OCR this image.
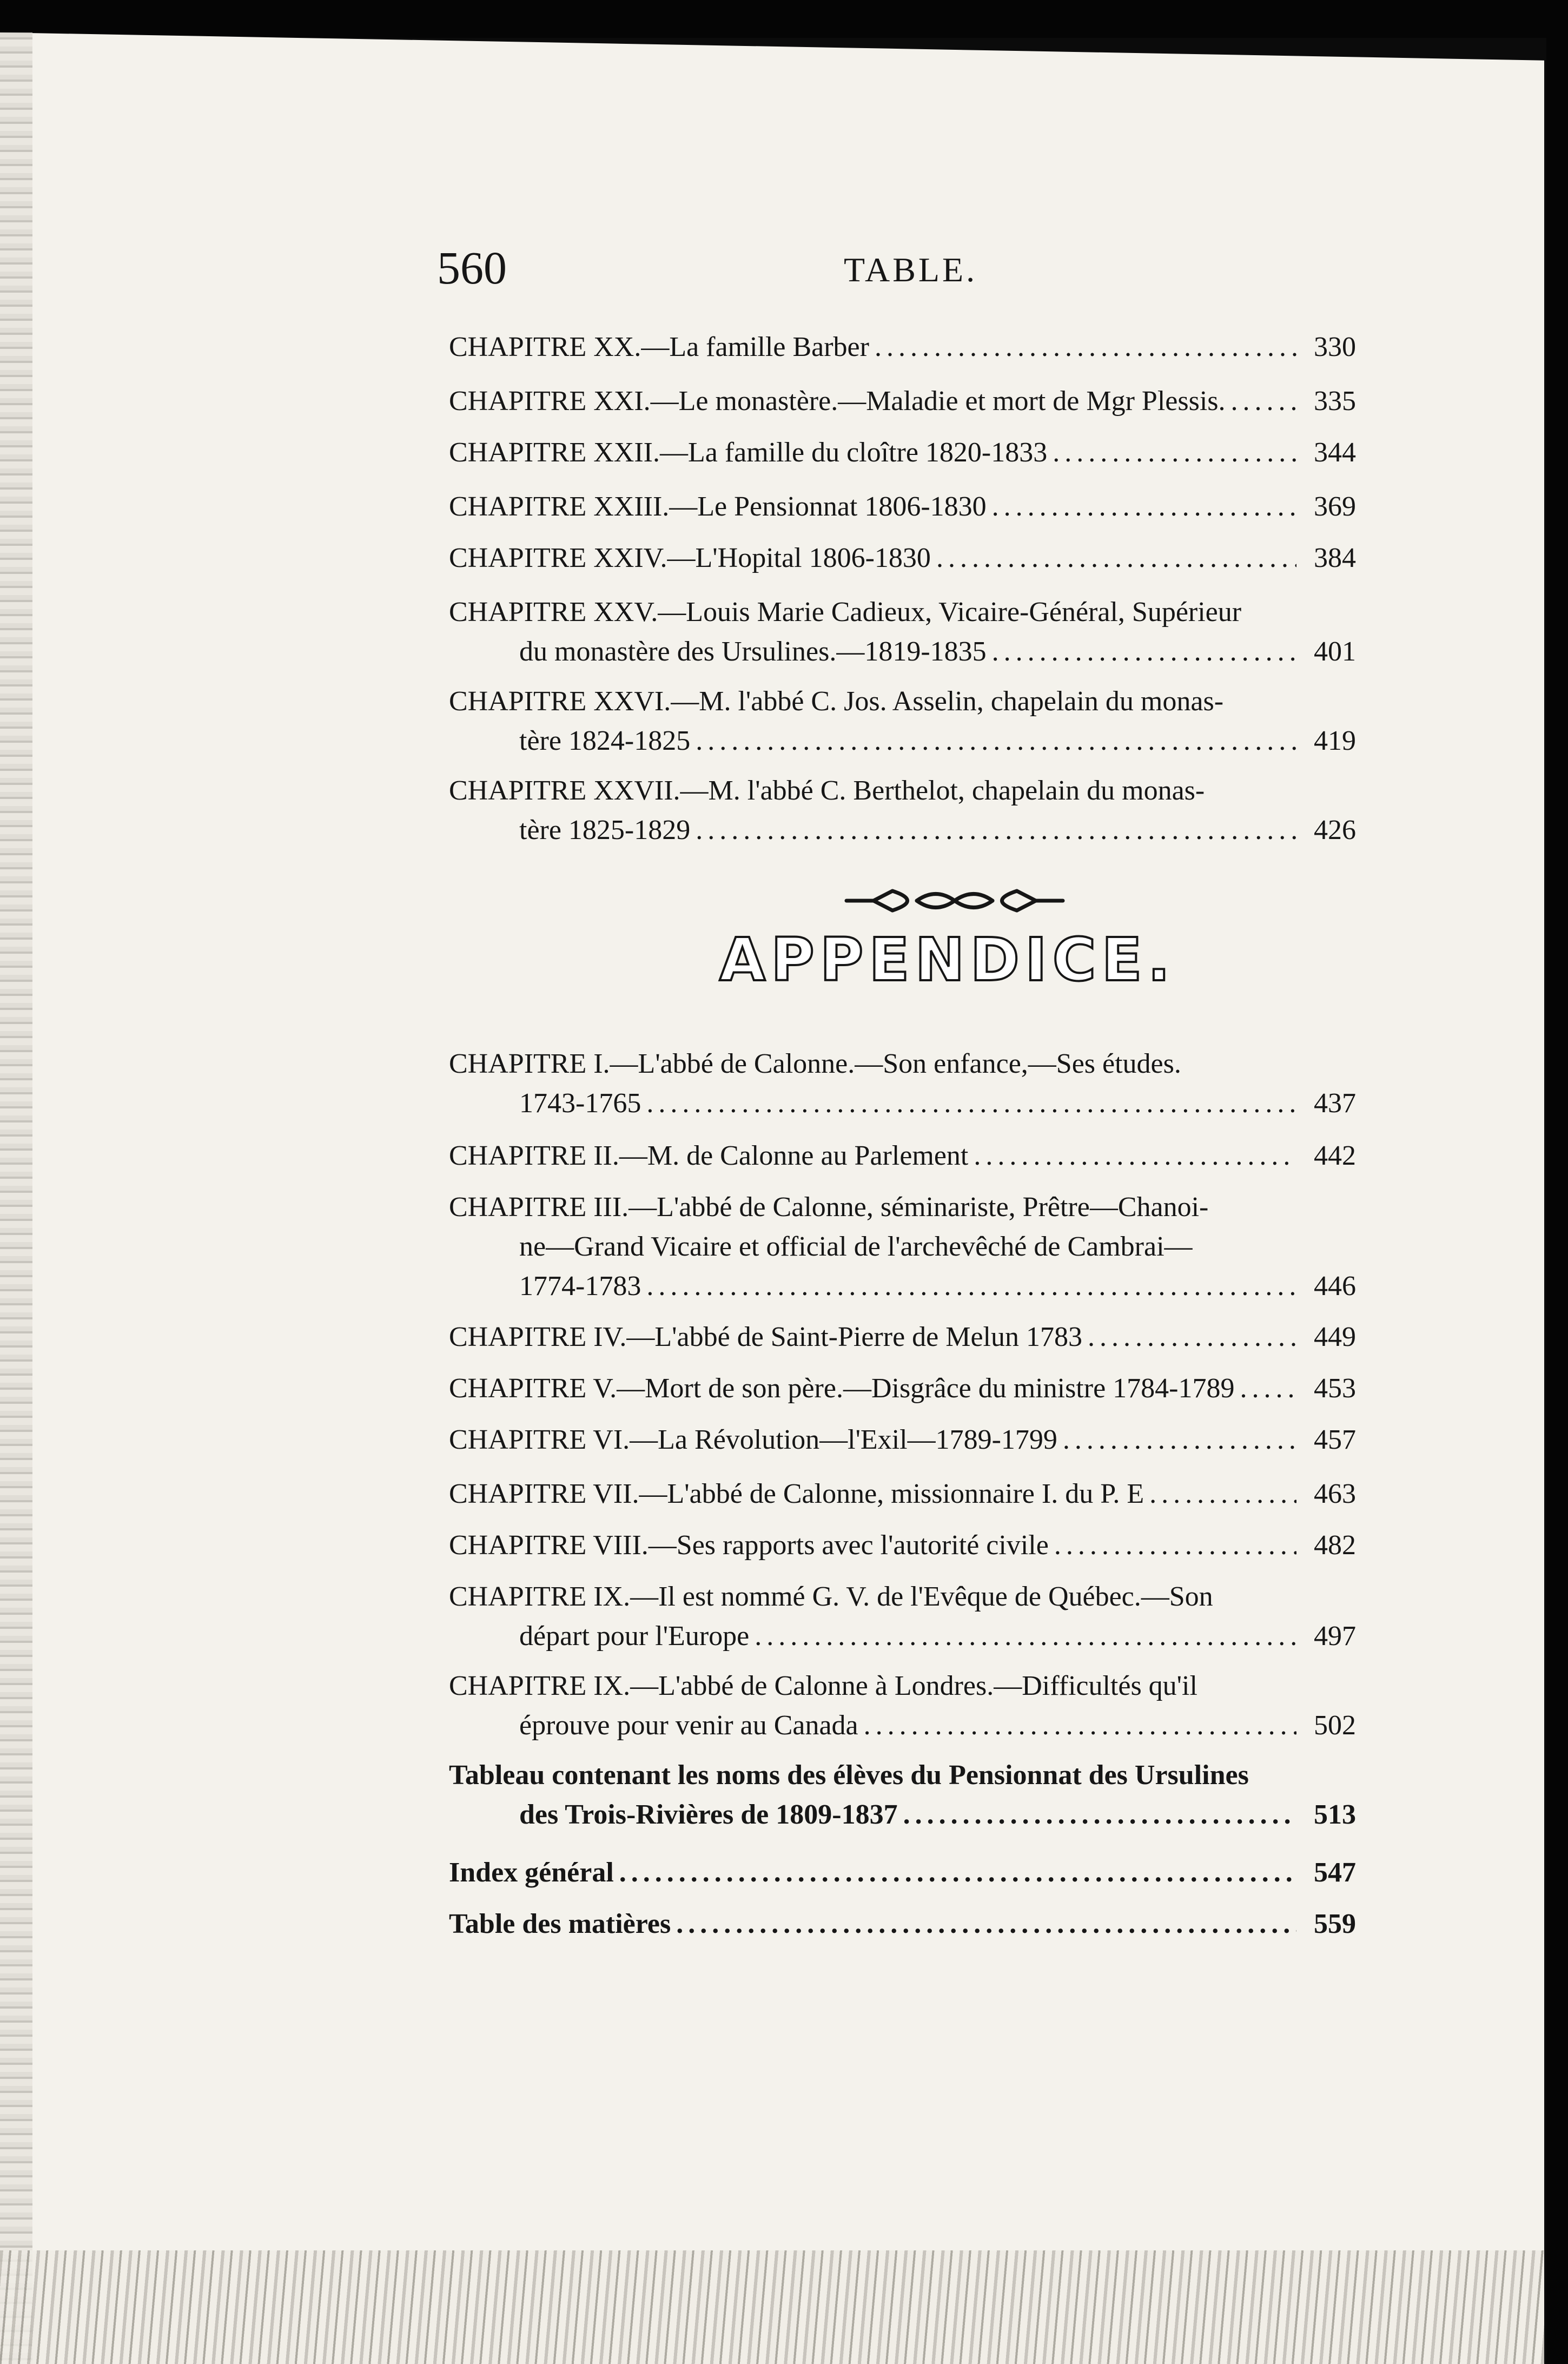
560	TABLE.
CHAPITRE XX.—La famille Barber . . .	330
CHAPITRE XXI.—Le monastère.—Maladie et mort de Mgr Plessis. . . .	335
CHAPITRE XXII.—La famille du cloître 1820-1833 . . .	344
CHAPITRE XXIII.—Le Pensionnat 1806-1830 . . .	369
CHAPITRE XXIV.—L'Hopital 1806-1830 . . .	384
CHAPITRE XXV.—Louis Marie Cadieux, Vicaire-Général, Supérieur
du monastère des Ursulines.—1819-1835 . . .	401
CHAPITRE XXVI.—M. l'abbé C. Jos. Asselin, chapelain du monas-
tère 1824-1825 . . .	419
CHAPITRE XXVII.—M. l'abbé C. Berthelot, chapelain du monas-
tère 1825-1829 . . .	426
APPENDICE.
CHAPITRE I.—L'abbé de Calonne.—Son enfance,—Ses études.
1743-1765 . . .	437
CHAPITRE II.—M. de Calonne au Parlement . . .	442
CHAPITRE III.—L'abbé de Calonne, séminariste, Prêtre—Chanoi-
ne—Grand Vicaire et official de l'archevêché de Cambrai—
1774-1783 . . .	446
CHAPITRE IV.—L'abbé de Saint-Pierre de Melun 1783 . . .	449
CHAPITRE V.—Mort de son père.—Disgrâce du ministre 1784-1789 . . .	453
CHAPITRE VI.—La Révolution—l'Exil—1789-1799 . . .	457
CHAPITRE VII.—L'abbé de Calonne, missionnaire I. du P. E . . .	463
CHAPITRE VIII.—Ses rapports avec l'autorité civile . . .	482
CHAPITRE IX.—Il est nommé G. V. de l'Evêque de Québec.—Son
départ pour l'Europe . . .	497
CHAPITRE IX.—L'abbé de Calonne à Londres.—Difficultés qu'il
éprouve pour venir au Canada . . .	502
Tableau contenant les noms des élèves du Pensionnat des Ursulines
des Trois-Rivières de 1809-1837 . . .	513
Index général . . .	547
Table des matières . . .	559
